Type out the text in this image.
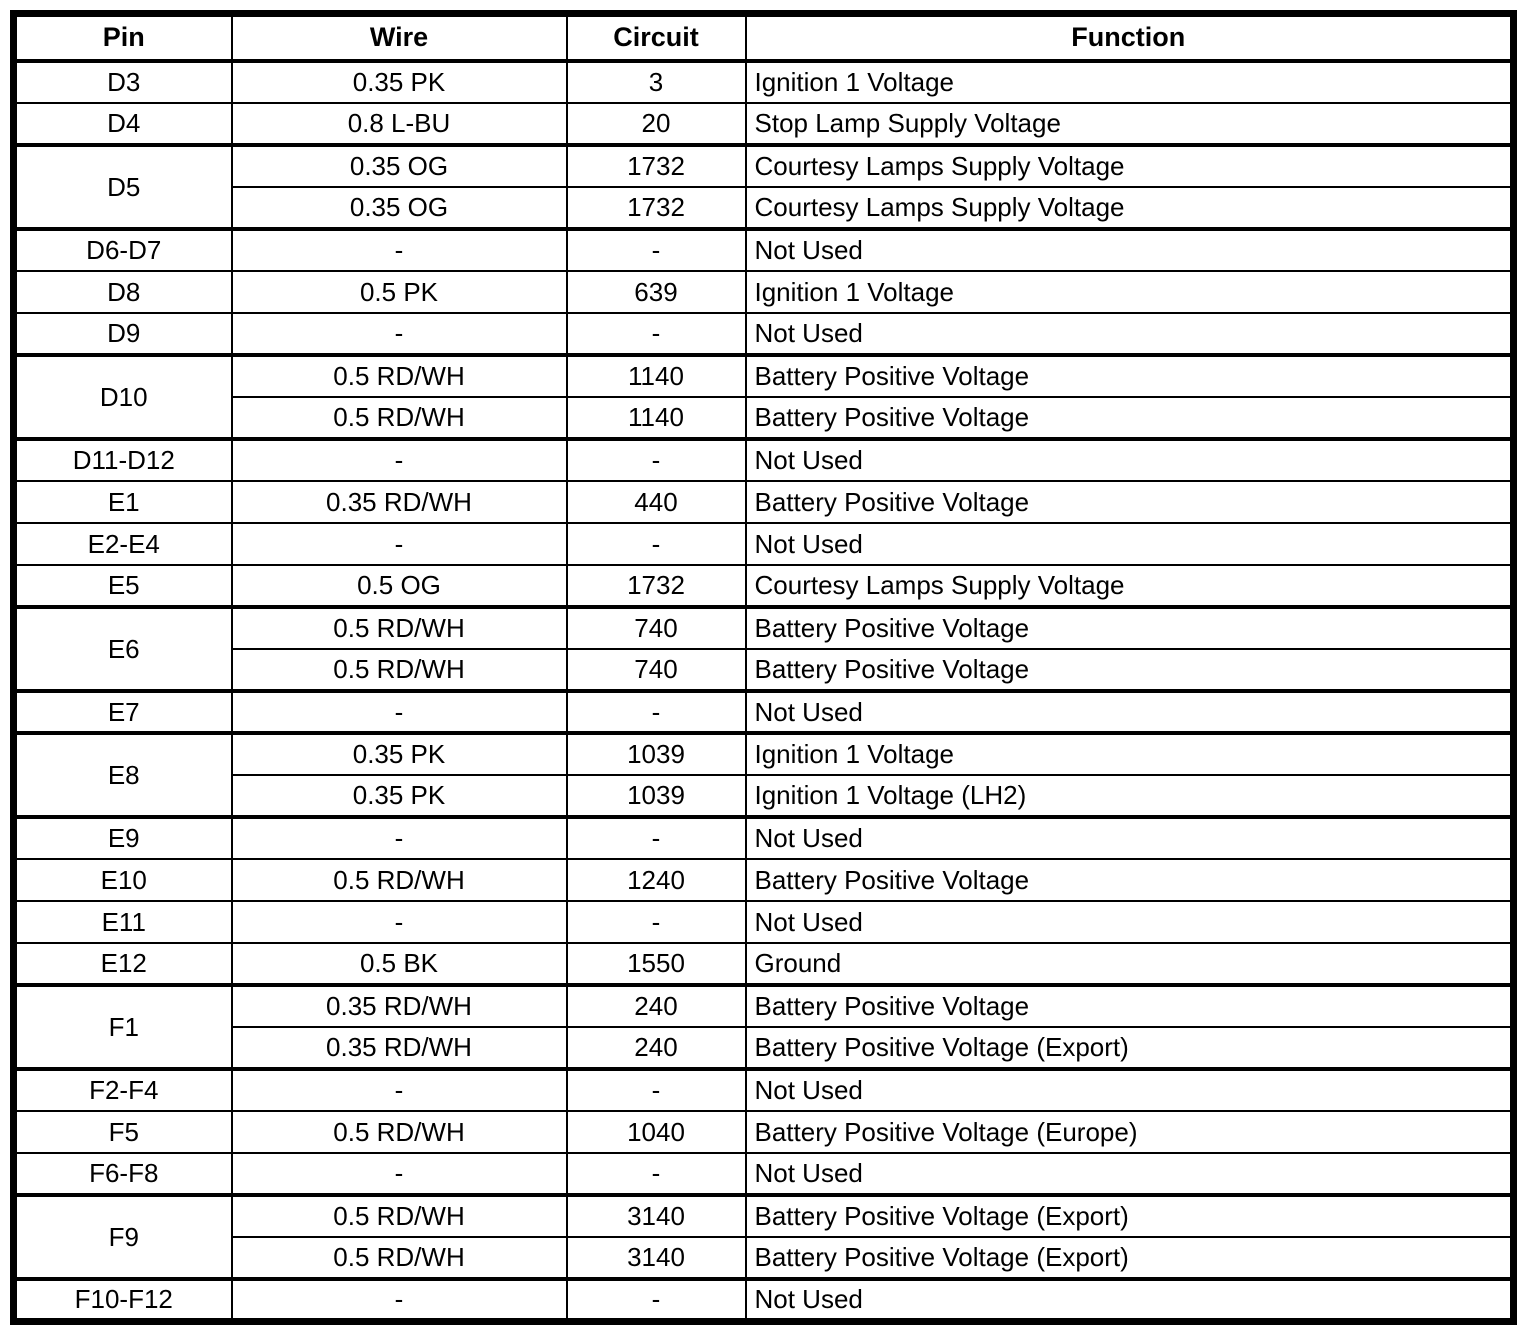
Pin	Wire	Circuit	Function
D3	0.35 PK	3	Ignition 1 Voltage
D4	0.8 L-BU	20	Stop Lamp Supply Voltage
D5	0.35 OG	1732	Courtesy Lamps Supply Voltage
	0.35 OG	1732	Courtesy Lamps Supply Voltage
D6-D7	-	-	Not Used
D8	0.5 PK	639	Ignition 1 Voltage
D9	-	-	Not Used
D10	0.5 RD/WH	1140	Battery Positive Voltage
	0.5 RD/WH	1140	Battery Positive Voltage
D11-D12	-	-	Not Used
E1	0.35 RD/WH	440	Battery Positive Voltage
E2-E4	-	-	Not Used
E5	0.5 OG	1732	Courtesy Lamps Supply Voltage
E6	0.5 RD/WH	740	Battery Positive Voltage
	0.5 RD/WH	740	Battery Positive Voltage
E7	-	-	Not Used
E8	0.35 PK	1039	Ignition 1 Voltage
	0.35 PK	1039	Ignition 1 Voltage (LH2)
E9	-	-	Not Used
E10	0.5 RD/WH	1240	Battery Positive Voltage
E11	-	-	Not Used
E12	0.5 BK	1550	Ground
F1	0.35 RD/WH	240	Battery Positive Voltage
	0.35 RD/WH	240	Battery Positive Voltage (Export)
F2-F4	-	-	Not Used
F5	0.5 RD/WH	1040	Battery Positive Voltage (Europe)
F6-F8	-	-	Not Used
F9	0.5 RD/WH	3140	Battery Positive Voltage (Export)
	0.5 RD/WH	3140	Battery Positive Voltage (Export)
F10-F12	-	-	Not Used
